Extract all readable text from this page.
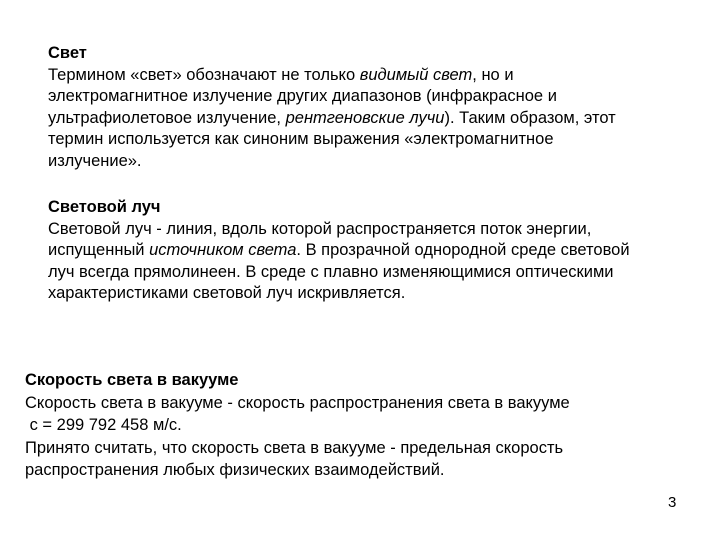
Свет
Термином «свет» обозначают не только видимый свет, но и
электромагнитное излучение других диапазонов (инфракрасное и
ультрафиолетовое излучение, рентгеновские лучи). Таким образом, этот
термин используется как синоним выражения «электромагнитное
излучение».
Световой луч
Световой луч - линия, вдоль которой распространяется поток энергии,
испущенный источником света. В прозрачной однородной среде световой
луч всегда прямолинеен. В среде с плавно изменяющимися оптическими
характеристиками световой луч искривляется.
Скорость света в вакууме
Скорость света в вакууме - скорость распространения света в вакууме
с = 299 792 458 м/с.
Принято считать, что скорость света в вакууме - предельная скорость
распространения любых физических взаимодействий.
3
